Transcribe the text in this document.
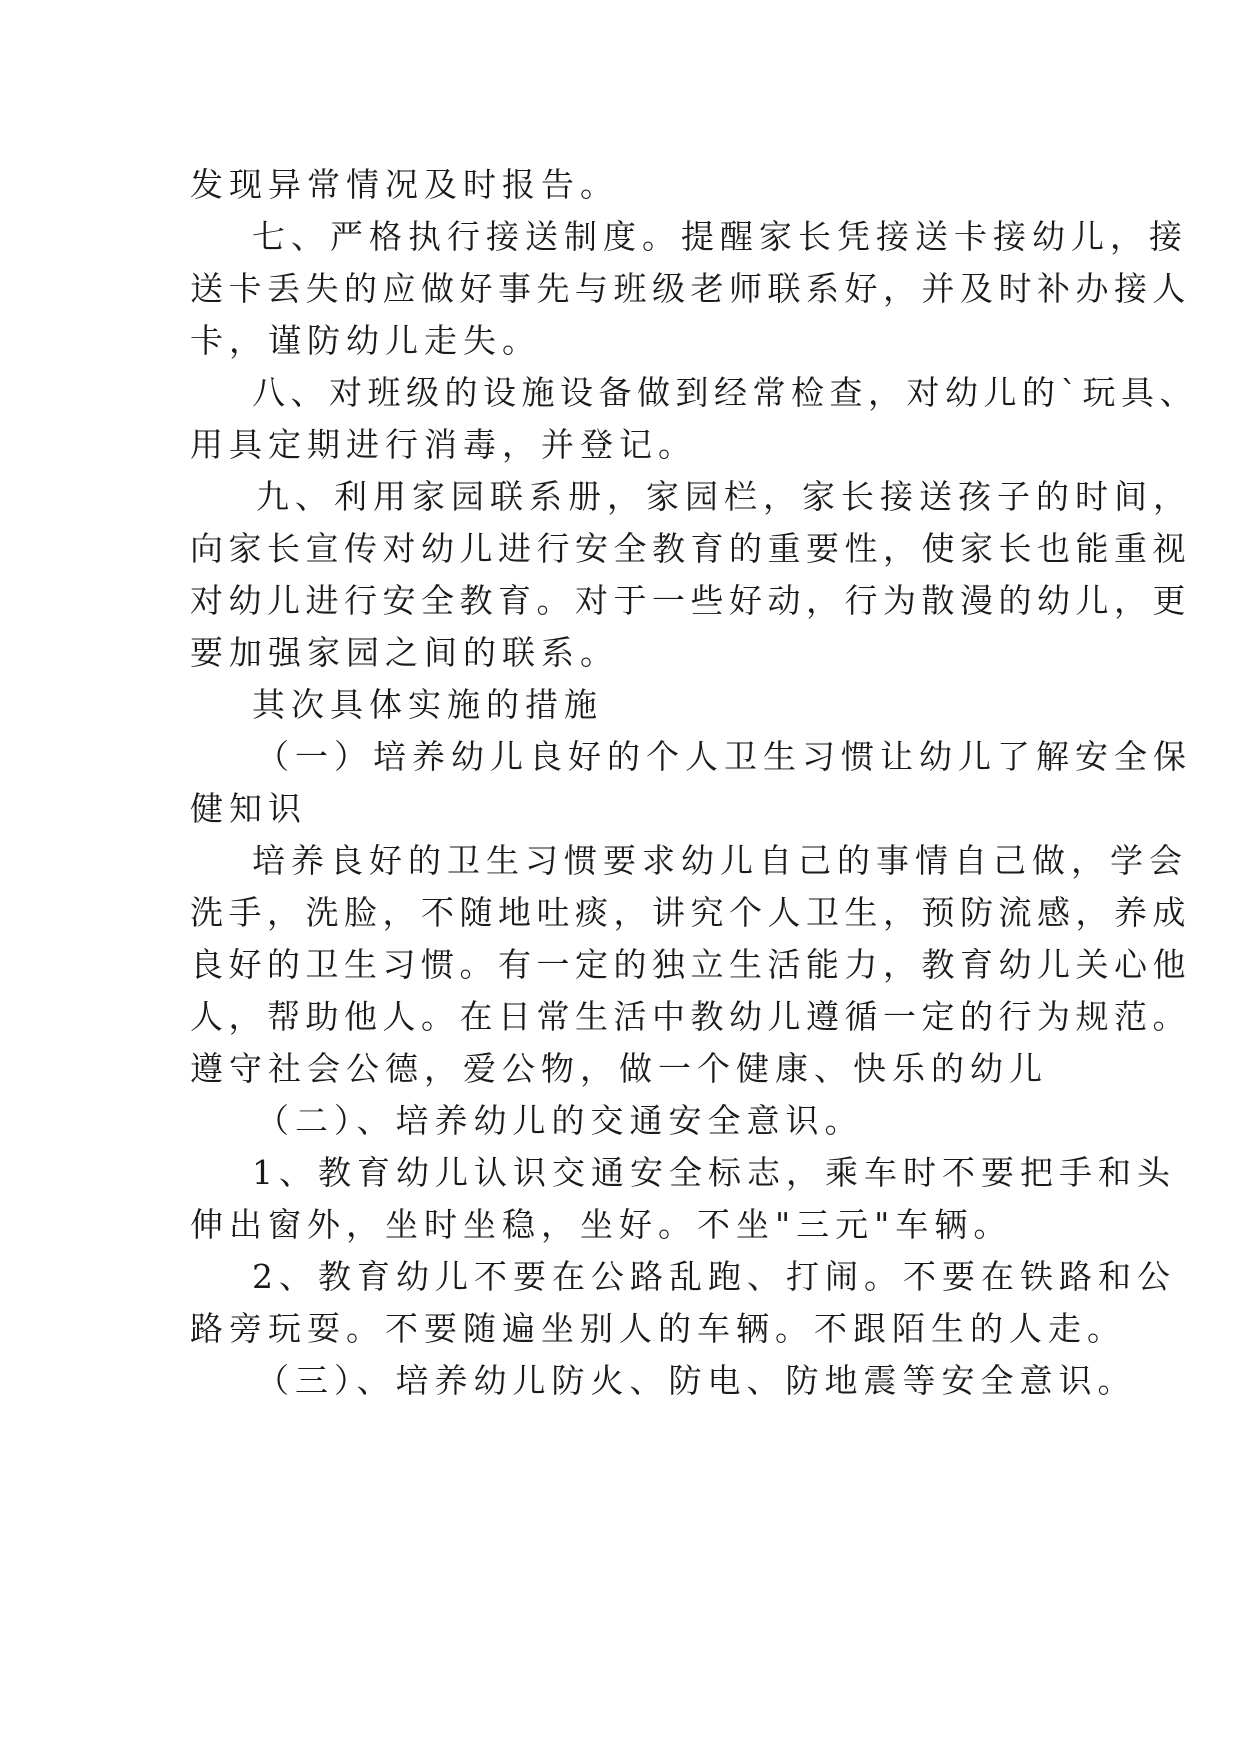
发现异常情况及时报告。
七、严格执行接送制度。提醒家长凭接送卡接幼儿，接
送卡丢失的应做好事先与班级老师联系好，并及时补办接人
卡，谨防幼儿走失。
八、对班级的设施设备做到经常检查，对幼儿的`玩具、
用具定期进行消毒，并登记。
九、利用家园联系册，家园栏，家长接送孩子的时间，
向家长宣传对幼儿进行安全教育的重要性，使家长也能重视
对幼儿进行安全教育。对于一些好动，行为散漫的幼儿，更
要加强家园之间的联系。
其次具体实施的措施
（一）培养幼儿良好的个人卫生习惯让幼儿了解安全保
健知识
培养良好的卫生习惯要求幼儿自己的事情自己做，学会
洗手，洗脸，不随地吐痰，讲究个人卫生，预防流感，养成
良好的卫生习惯。有一定的独立生活能力，教育幼儿关心他
人，帮助他人。在日常生活中教幼儿遵循一定的行为规范。
遵守社会公德，爱公物，做一个健康、快乐的幼儿
（二）、培养幼儿的交通安全意识。
1、教育幼儿认识交通安全标志，乘车时不要把手和头
伸出窗外，坐时坐稳，坐好。不坐"三元"车辆。
2、教育幼儿不要在公路乱跑、打闹。不要在铁路和公
路旁玩耍。不要随遍坐别人的车辆。不跟陌生的人走。
（三）、培养幼儿防火、防电、防地震等安全意识。
